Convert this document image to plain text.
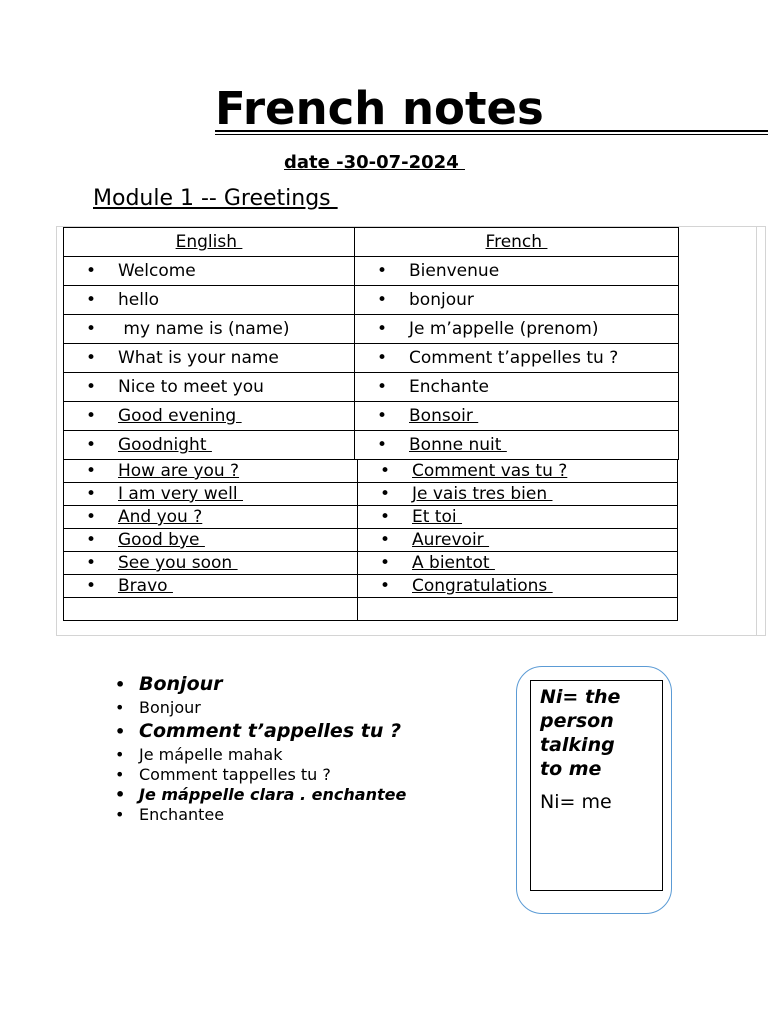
French notes
date -30-07-2024
Module 1 -- Greetings
English	French

• Welcome	• Bienvenue

• hello	• bonjour

• my name is (name)	• Je m’appelle (prenom)

• What is your name	• Comment t’appelles tu ?

• Nice to meet you	• Enchante

• Good evening	• Bonsoir

• Goodnight	• Bonne nuit
• How are you ?	• Comment vas tu ?

• I am very well	• Je vais tres bien

• And you ?	• Et toi

• Good bye	• Aurevoir

• See you soon	• A bientot

• Bravo	• Congratulations

• Bonjour
• Bonjour
• Comment t’appelles tu ?
• Je mápelle mahak
• Comment tappelles tu ?
• Je máppelle clara . enchantee
• Enchantee
Ni= the
person
talking
to me
Ni= me
